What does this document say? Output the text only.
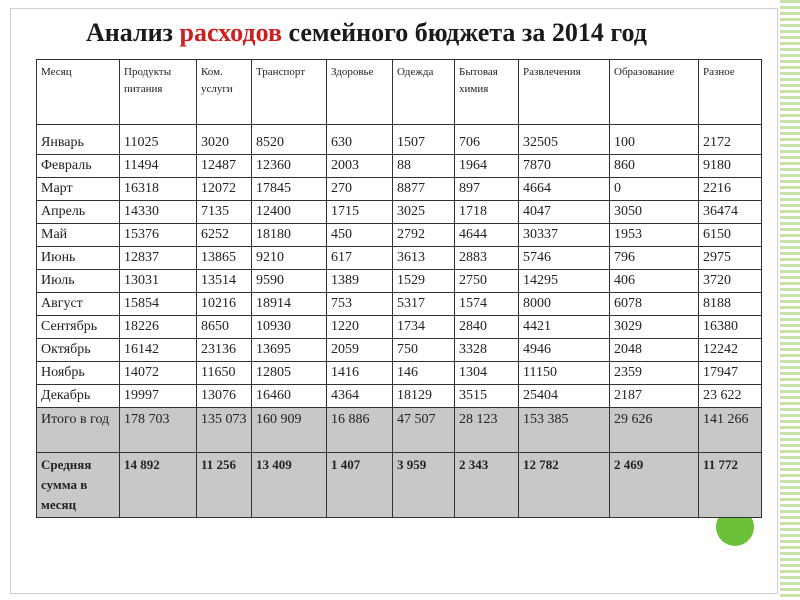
Анализ расходов семейного бюджета за 2014 год
Месяц	Продукты питания	Ком. услуги	Транспорт	Здоровье	Одежда	Бытовая химия	Развлечения	Образование	Разное
Январь	11025	3020	8520	630	1507	706	32505	100	2172
Февраль	11494	12487	12360	2003	88	1964	7870	860	9180
Март	16318	12072	17845	270	8877	897	4664	0	2216
Апрель	14330	7135	12400	1715	3025	1718	4047	3050	36474
Май	15376	6252	18180	450	2792	4644	30337	1953	6150
Июнь	12837	13865	9210	617	3613	2883	5746	796	2975
Июль	13031	13514	9590	1389	1529	2750	14295	406	3720
Август	15854	10216	18914	753	5317	1574	8000	6078	8188
Сентябрь	18226	8650	10930	1220	1734	2840	4421	3029	16380
Октябрь	16142	23136	13695	2059	750	3328	4946	2048	12242
Ноябрь	14072	11650	12805	1416	146	1304	11150	2359	17947
Декабрь	19997	13076	16460	4364	18129	3515	25404	2187	23 622
Итого в год	178 703	135 073	160 909	16 886	47 507	28 123	153 385	29 626	141 266
Средняя сумма в месяц	14 892	11 256	13 409	1 407	3 959	2 343	12 782	2 469	11 772
